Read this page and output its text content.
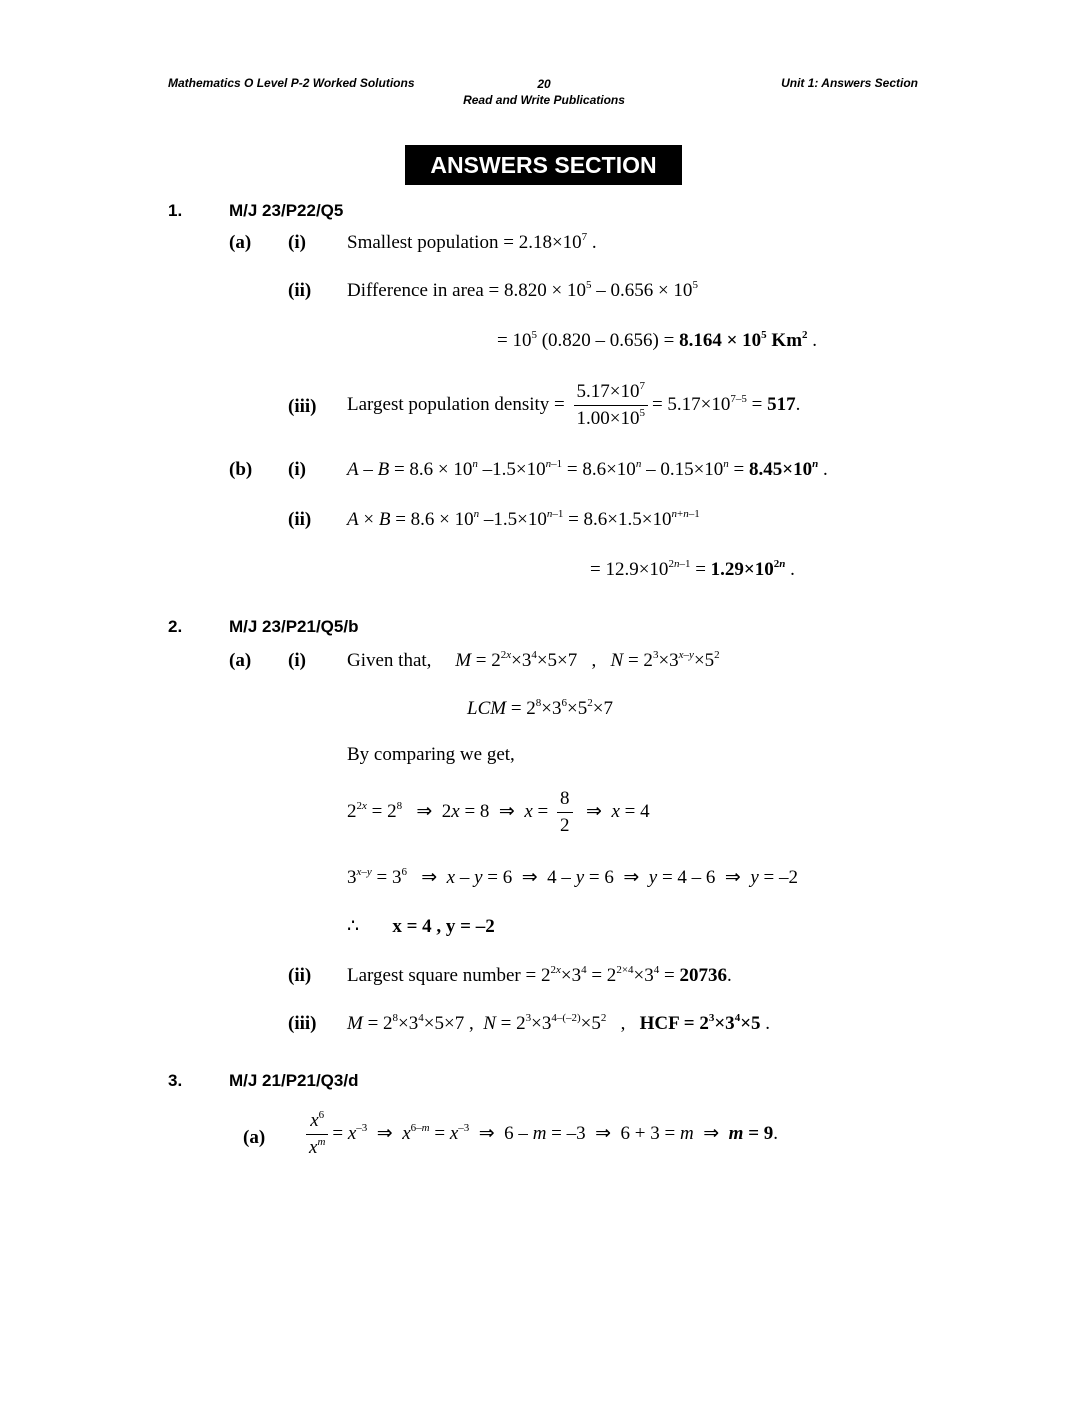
Mathematics O Level P-2 Worked Solutions	20
Read and Write Publications
Unit 1: Answers Section
ANSWERS SECTION
1.	M/J 23/P22/Q5
(a) (i) Smallest population = $2.18\times 10^7$ .
(ii) Difference in area = $8.820 \times 10^5 - 0.656 \times 10^5$
= $10^5$ $(0.820 - 0.656) = 8.164 \times 10^5$ Km$^2$ .
(iii) Largest population density = $\frac{5.17\times 10^7}{1.00\times 10^5} = 5.17\times 10^{7-5} = 517$.
(b) (i) $A - B = 8.6 \times 10^n$ $-1.5\times 10^{n-1} = 8.6\times 10^n - 0.15\times 10^n = 8.45\times 10^n$ .
(ii) $A \times B = 8.6 \times 10^n$ $-1.5\times 10^{n-1} = 8.6\times 1.5\times 10^{n+n-1}$
= $12.9\times 10^{2n-1} = 1.29\times 10^{2n}$ .
2.	M/J 23/P21/Q5/b
(a) (i) Given that, $M = 2^{2x}\times 3^4\times 5\times 7$   ,   $N = 2^3\times 3^{x-y}\times 5^2$
LCM = $2^8\times 3^6\times 5^2\times 7$
By comparing we get,
$2^{2x} = 2^8$   ⇒  2x = 8  ⇒  $x = \frac{8}{2}$ ⇒  x = 4
$3^{x-y} = 3^6$   ⇒  x – y = 6  ⇒  4 – y = 6  ⇒  y = 4 – 6  ⇒  y = –2
∴       x = 4 , y = –2
(ii) Largest square number = $2^{2x}\times 3^4 = 2^{2\times 4}\times 3^4 = 20736$.
(iii) $M = 2^8\times 3^4\times 5\times 7$ ,  $N = 2^3\times 3^{4-(-2)}\times 5^2$   ,   HCF = $2^3\times 3^4\times 5$ .
3.	M/J 21/P21/Q3/d
$(a) \frac{x^6}{x^m} = x^{-3}$  ⇒  $x^{6-m} = x^{-3}$  ⇒  6 – m = –3  ⇒  6 + 3 = m  ⇒  m = 9.
